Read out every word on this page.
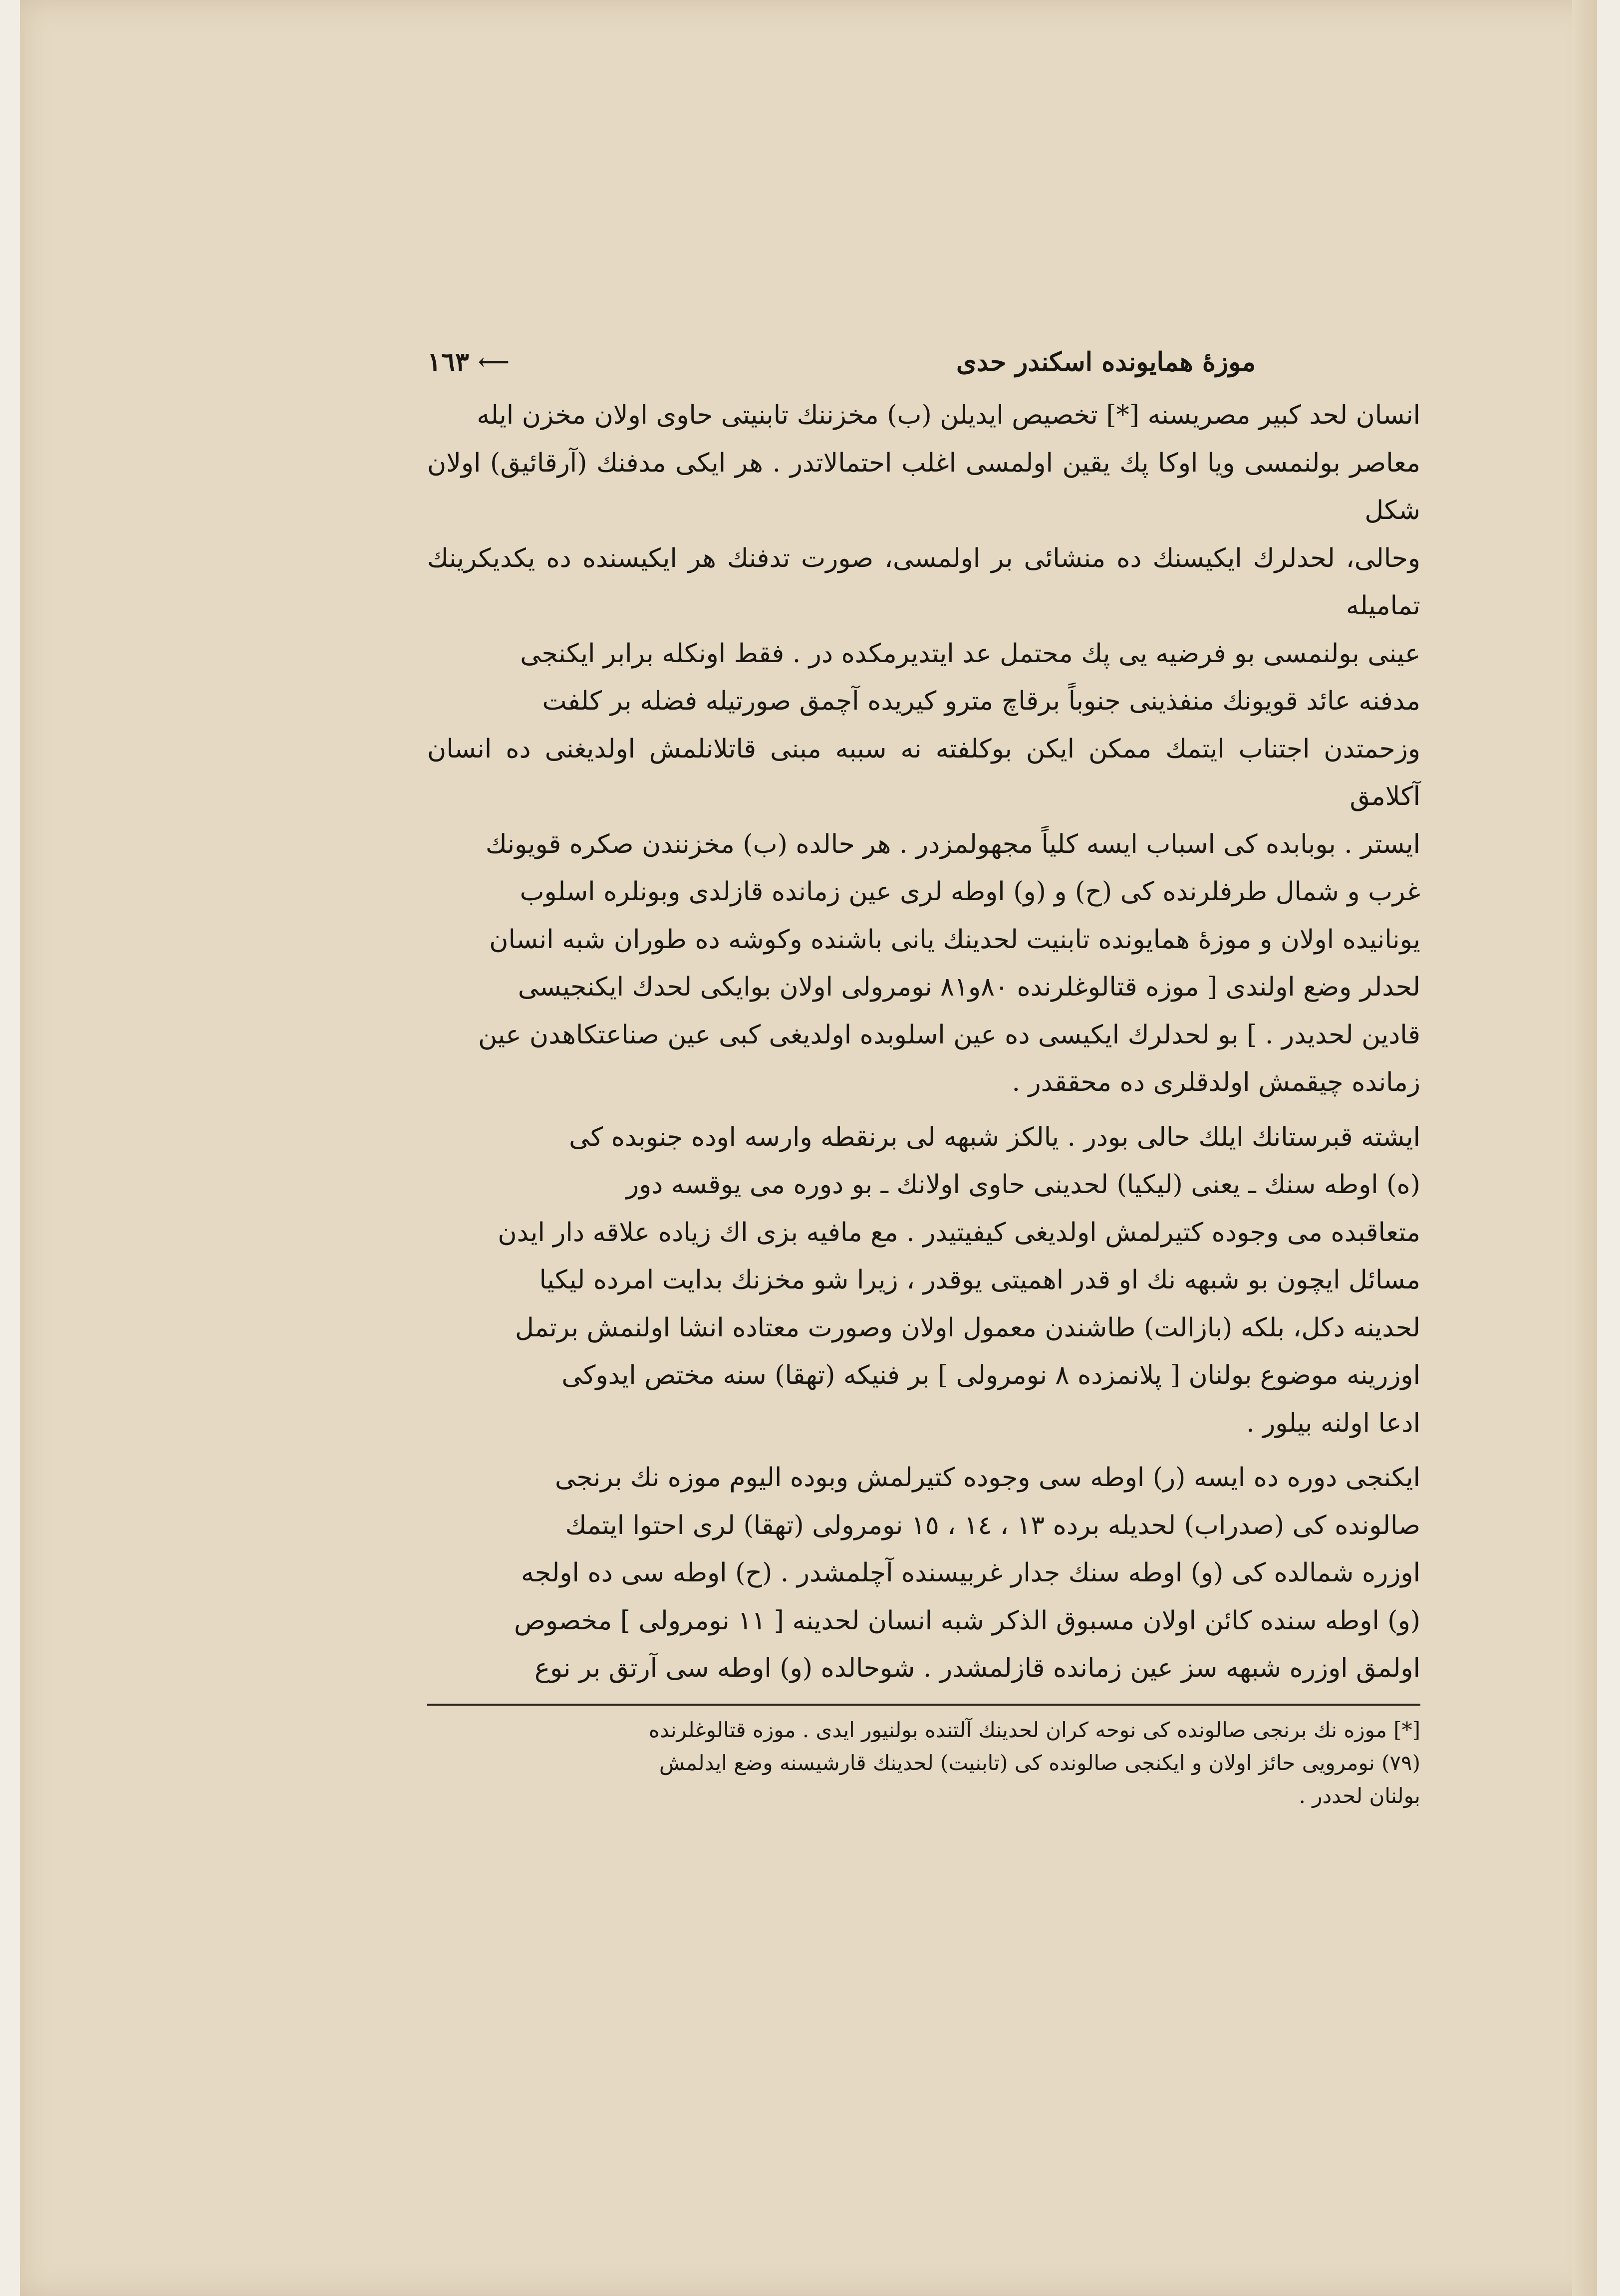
موزهٔ همايونده اسكندر حدى
١٦٣ ⟵

انسان لحد كبير مصريسنه [*] تخصيص ايديلن (ب) مخزننك تابنيتى حاوى اولان مخزن ايله

معاصر بولنمسى ويا اوكا پك يقين اولمسى اغلب احتمالاتدر . هر ايكى مدفنك (آرقائيق) اولان شكل

وحالى، لحدلرك ايكيسنك ده منشائى بر اولمسى، صورت تدفنك هر ايكيسنده ده يكديكرينك تماميله

عينى بولنمسى بو فرضيه يى پك محتمل عد ايتديرمكده در . فقط اونكله برابر ايكنجى

مدفنه عائد قويونك منفذينى جنوباً برقاچ مترو كيريده آچمق صورتيله فضله بر كلفت

وزحمتدن اجتناب ايتمك ممكن ايكن بوكلفته نه سببه مبنى قاتلانلمش اولديغنى ده انسان آكلامق

ايستر . بوبابده كى اسباب ايسه كلياً مجهولمزدر . هر حالده (ب) مخزنندن صكره قويونك

غرب و شمال طرفلرنده كى (ح) و (و) اوطه لرى عين زمانده قازلدى وبونلره اسلوب

يونانيده اولان و موزهٔ همايونده تابنيت لحدينك يانى باشنده وكوشه ده طوران شبه انسان

لحدلر وضع اولندى [ موزه قتالوغلرنده ٨٠و٨١ نومرولى اولان بوايكى لحدك ايكنجيسى

قادين لحديدر . ] بو لحدلرك ايكيسى ده عين اسلوبده اولديغى كبى عين صناعتكاهدن عين

زمانده چيقمش اولدقلرى ده محققدر .

ايشته قبرستانك ايلك حالى بودر . يالكز شبهه لى برنقطه وارسه اوده جنوبده كى

(ه) اوطه سنك ـ يعنى (ليكيا) لحدينى حاوى اولانك ـ بو دوره مى يوقسه دور

متعاقبده مى وجوده كتيرلمش اولديغى كيفيتيدر . مع مافيه بزى اك زياده علاقه دار ايدن

مسائل ايچون بو شبهه نك او قدر اهميتى يوقدر ، زيرا شو مخزنك بدايت امرده ليكيا

لحدينه دكل، بلكه (بازالت) طاشندن معمول اولان وصورت معتاده انشا اولنمش برتمل

اوزرينه موضوع بولنان [ پلانمزده ٨ نومرولى ] بر فنيكه (تهقا) سنه مختص ايدوكى

ادعا اولنه بيلور .

ايكنجى دوره ده ايسه (ر) اوطه سى وجوده كتيرلمش وبوده اليوم موزه نك برنجى

صالونده كى (صدراب) لحديله برده ١٣ ، ١٤ ، ١٥ نومرولى (تهقا) لرى احتوا ايتمك

اوزره شمالده كى (و) اوطه سنك جدار غربيسنده آچلمشدر . (ح) اوطه سى ده اولجه

(و) اوطه سنده كائن اولان مسبوق الذكر شبه انسان لحدينه [ ١١ نومرولى ] مخصوص

اولمق اوزره شبهه سز عين زمانده قازلمشدر . شوحالده (و) اوطه سى آرتق بر نوع

[*] موزه نك برنجى صالونده كى نوحه كران لحدينك آلتنده بولنيور ايدى . موزه قتالوغلرنده

(٧٩) نومرويى حائز اولان و ايكنجى صالونده كى (تابنيت) لحدينك قارشيسنه وضع ايدلمش

بولنان لحددر .
